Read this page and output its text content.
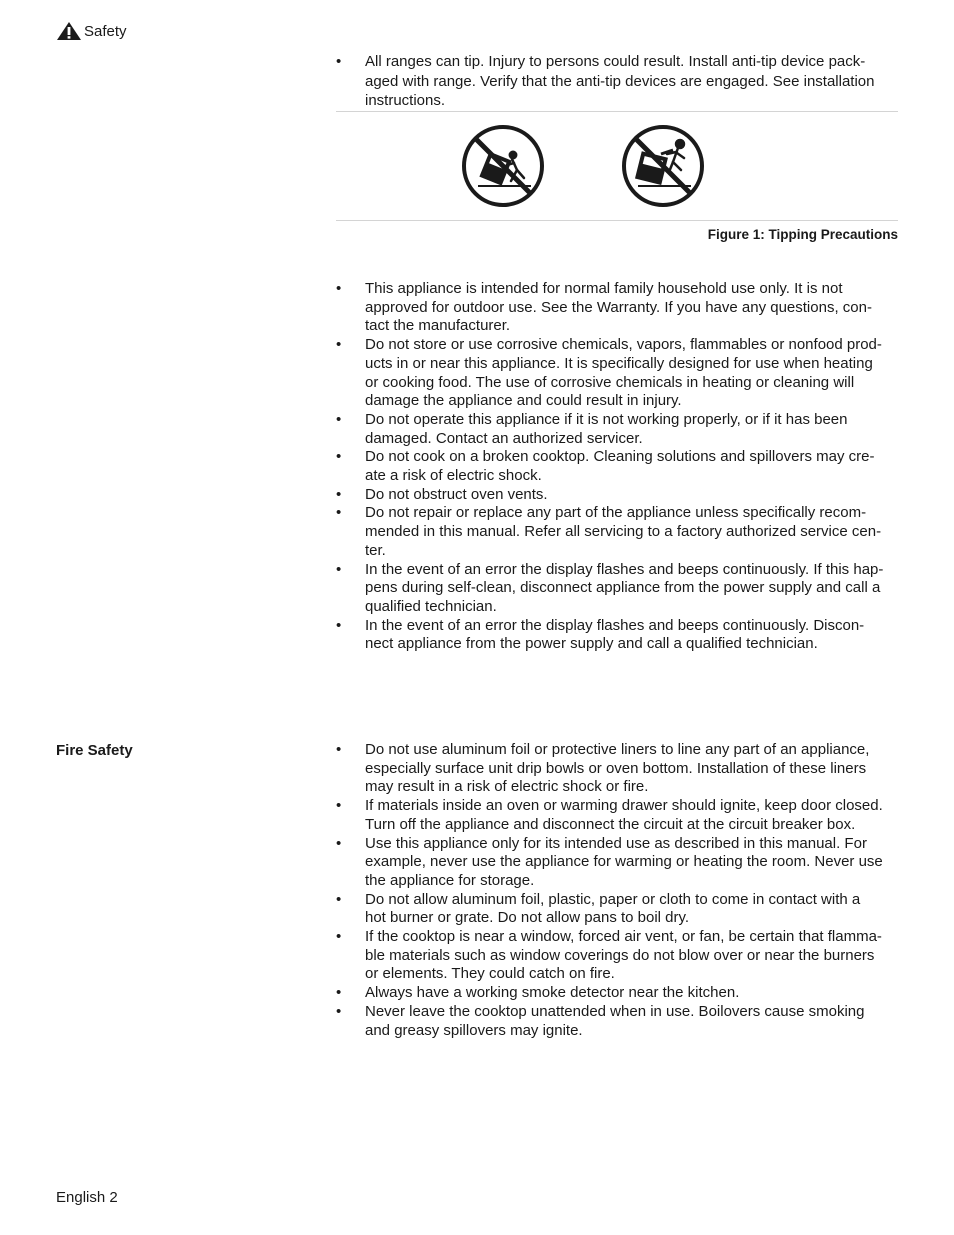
Safety
• All ranges can tip. Injury to persons could result. Install anti-tip device pack-
aged with range. Verify that the anti-tip devices are engaged. See installation
instructions.
Figure 1: Tipping Precautions
• This appliance is intended for normal family household use only. It is not
approved for outdoor use. See the Warranty. If you have any questions, con-
tact the manufacturer.
• Do not store or use corrosive chemicals, vapors, flammables or nonfood prod-
ucts in or near this appliance. It is specifically designed for use when heating
or cooking food. The use of corrosive chemicals in heating or cleaning will
damage the appliance and could result in injury.
• Do not operate this appliance if it is not working properly, or if it has been
damaged. Contact an authorized servicer.
• Do not cook on a broken cooktop. Cleaning solutions and spillovers may cre-
ate a risk of electric shock.
• Do not obstruct oven vents.
• Do not repair or replace any part of the appliance unless specifically recom-
mended in this manual. Refer all servicing to a factory authorized service cen-
ter.
• In the event of an error the display flashes and beeps continuously. If this hap-
pens during self-clean, disconnect appliance from the power supply and call a
qualified technician.
• In the event of an error the display flashes and beeps continuously. Discon-
nect appliance from the power supply and call a qualified technician.
Fire Safety
•	Do not use aluminum foil or protective liners to line any part of an appliance,
especially surface unit drip bowls or oven bottom. Installation of these liners
may result in a risk of electric shock or fire.
• If materials inside an oven or warming drawer should ignite, keep door closed.
Turn off the appliance and disconnect the circuit at the circuit breaker box.
• Use this appliance only for its intended use as described in this manual. For
example, never use the appliance for warming or heating the room. Never use
the appliance for storage.
• Do not allow aluminum foil, plastic, paper or cloth to come in contact with a
hot burner or grate. Do not allow pans to boil dry.
• If the cooktop is near a window, forced air vent, or fan, be certain that flamma-
ble materials such as window coverings do not blow over or near the burners
or elements. They could catch on fire.
• Always have a working smoke detector near the kitchen.
• Never leave the cooktop unattended when in use. Boilovers cause smoking
and greasy spillovers may ignite.
English 2
